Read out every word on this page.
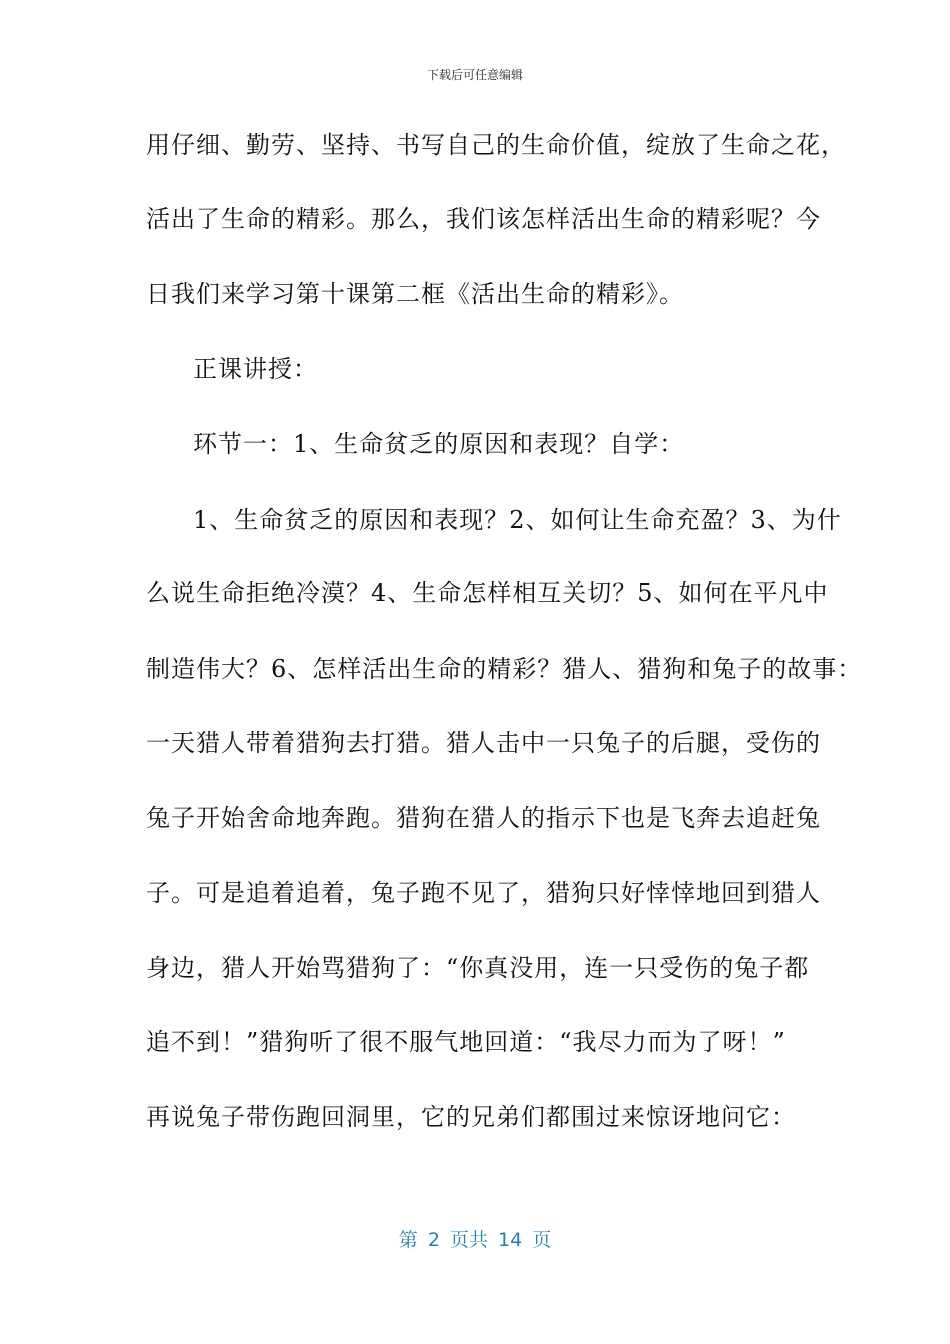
下载后可任意编辑
用仔细、勤劳、坚持、书写自己的生命价值，绽放了生命之花，
活出了生命的精彩。那么，我们该怎样活出生命的精彩呢？今
日我们来学习第十课第二框《活出生命的精彩》。
正课讲授：
环节一：1、生命贫乏的原因和表现？自学：
1、生命贫乏的原因和表现？2、如何让生命充盈？3、为什
么说生命拒绝冷漠？4、生命怎样相互关切？5、如何在平凡中
制造伟大？6、怎样活出生命的精彩？猎人、猎狗和兔子的故事：
一天猎人带着猎狗去打猎。猎人击中一只兔子的后腿，受伤的
兔子开始舍命地奔跑。猎狗在猎人的指示下也是飞奔去追赶兔
子。可是追着追着，兔子跑不见了，猎狗只好悻悻地回到猎人
身边，猎人开始骂猎狗了：“你真没用，连一只受伤的兔子都
追不到！”猎狗听了很不服气地回道：“我尽力而为了呀！”
再说兔子带伤跑回洞里，它的兄弟们都围过来惊讶地问它：
第 2 页共 14 页
